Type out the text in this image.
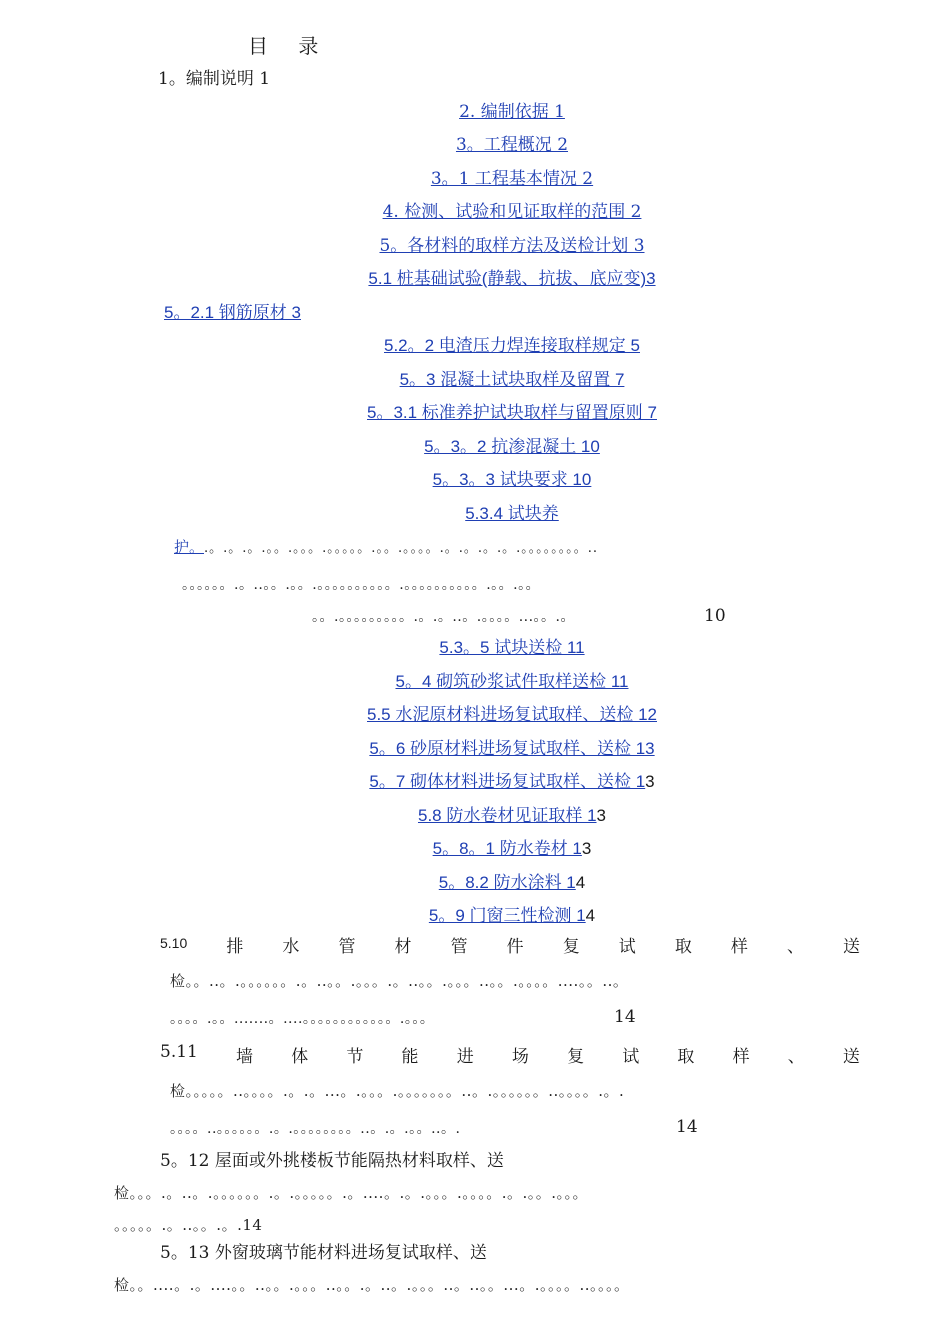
目 录
1。编制说明 1
2. 编制依据 1
3。工程概况 2
3。1 工程基本情况 2
4. 检测、试验和见证取样的范围 2
5。各材料的取样方法及送检计划 3
5.1 桩基础试验(静载、抗拔、底应变)3
5。2.1 钢筋原材 3
5.2。2 电渣压力焊连接取样规定 5
5。3 混凝土试块取样及留置 7
5。3.1 标准养护试块取样与留置原则 7
5。3。2 抗渗混凝土 10
5。3。3 试块要求 10
5.3.4 试块养
护。.。.。.。.。。.。。。.。。。。。.。。.。。。。.。.。.。.。.。。。。。。。。..
。。。。。。.。..。。.。。.。。。。。。。。。。.。。。。。。。。。。.。。.。。
。。.。。。。。。。。。.。.。..。.。。。。...。。.。	10
5.3。5 试块送检 11
5。4 砌筑砂浆试件取样送检 11
5.5 水泥原材料进场复试取样、送检 12
5。6 砂原材料进场复试取样、送检 13
5。7 砌体材料进场复试取样、送检 13
5.8 防水卷材见证取样 13
5。8。1 防水卷材 13
5。8.2 防水涂料 14
5。9 门窗三性检测 14
5.10 排 水 管 材 管 件 复 试 取 样 、 送
检。。..。.。。。。。。.。..。。.。。。.。..。。.。。。..。。.。。。。....。。..。
。。。。.。。.......。....。。。。。。。。。。。。.。。。	14
5.11 墙 体 节 能 进 场 复 试 取 样 、 送
检。。。。。..。。。。.。.。...。.。。。.。。。。。。。..。.。。。。。。..。。。。.。.
。。。。..。。。。。。.。.。。。。。。。。..。.。.。。..。.	14
5。12 屋面或外挑楼板节能隔热材料取样、送
检。。。.。..。.。。。。。。.。.。。。。。.。....。.。.。。。.。。。。.。.。。.。。。
。。。。。.。..。。.。.14
5。13 外窗玻璃节能材料进场复试取样、送
检。。....。.。....。。..。。.。。。..。。.。..。.。。。..。..。。...。.。。。。..。。。。
